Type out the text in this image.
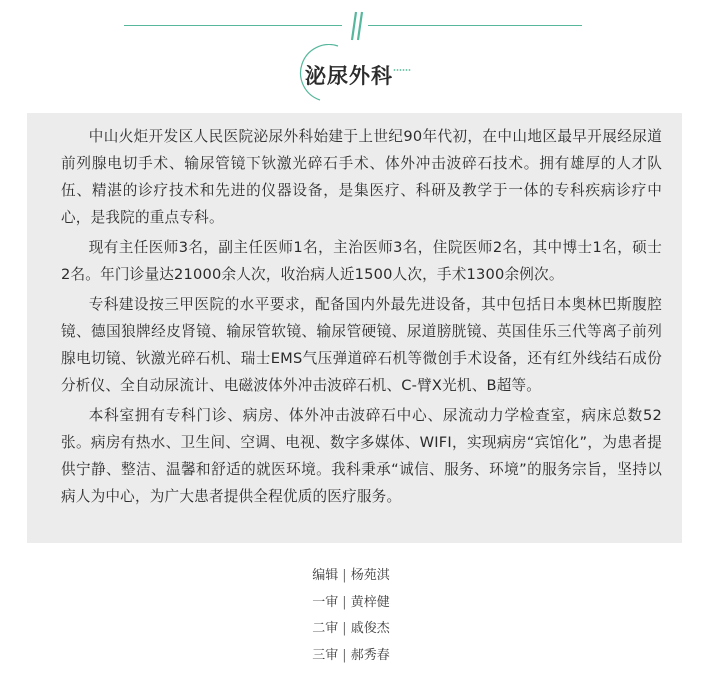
泌尿外科

中山火炬开发区人民医院泌尿外科始建于上世纪90年代初，在中山地区最早开展经尿道前列腺电切手术、输尿管镜下钬激光碎石手术、体外冲击波碎石技术。拥有雄厚的人才队伍、精湛的诊疗技术和先进的仪器设备，是集医疗、科研及教学于一体的专科疾病诊疗中心，是我院的重点专科。

现有主任医师3名，副主任医师1名，主治医师3名，住院医师2名，其中博士1名，硕士2名。年门诊量达21000余人次，收治病人近1500人次，手术1300余例次。

专科建设按三甲医院的水平要求，配备国内外最先进设备，其中包括日本奥林巴斯腹腔镜、德国狼牌经皮肾镜、输尿管软镜、输尿管硬镜、尿道膀胱镜、英国佳乐三代等离子前列腺电切镜、钬激光碎石机、瑞士EMS气压弹道碎石机等微创手术设备，还有红外线结石成份分析仪、全自动尿流计、电磁波体外冲击波碎石机、C-臂X光机、B超等。

本科室拥有专科门诊、病房、体外冲击波碎石中心、尿流动力学检查室，病床总数52张。病房有热水、卫生间、空调、电视、数字多媒体、WIFI，实现病房“宾馆化”，为患者提供宁静、整洁、温馨和舒适的就医环境。我科秉承“诚信、服务、环境”的服务宗旨，坚持以病人为中心，为广大患者提供全程优质的医疗服务。

编辑 | 杨苑淇
一审 | 黄梓健
二审 | 戚俊杰
三审 | 郝秀春
